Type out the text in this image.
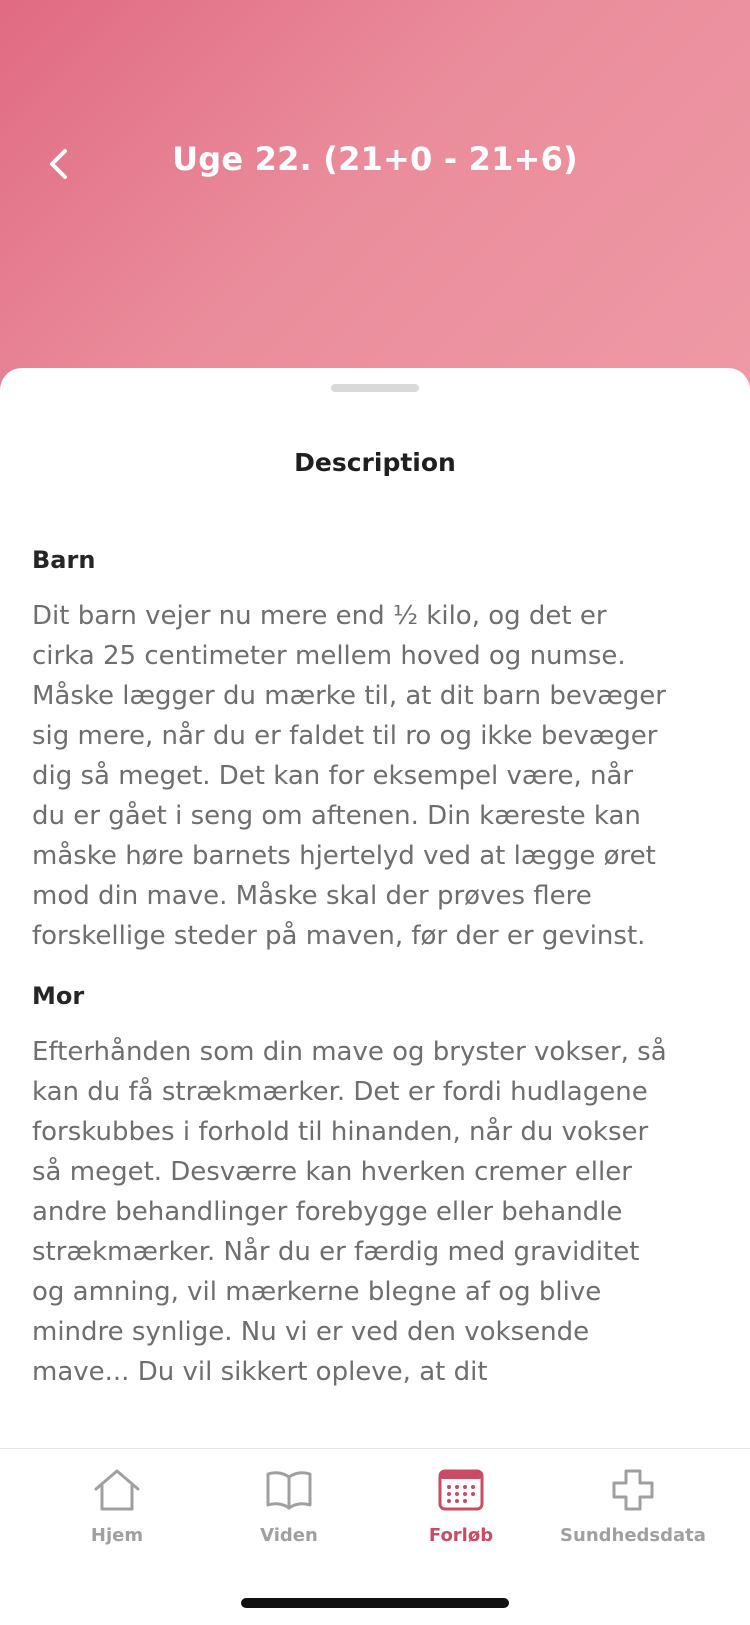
Uge 22. (21+0 - 21+6)
Description
Barn
Dit barn vejer nu mere end ½ kilo, og det er cirka 25 centimeter mellem hoved og numse. Måske lægger du mærke til, at dit barn bevæger sig mere, når du er faldet til ro og ikke bevæger dig så meget. Det kan for eksempel være, når du er gået i seng om aftenen. Din kæreste kan måske høre barnets hjertelyd ved at lægge øret mod din mave. Måske skal der prøves flere forskellige steder på maven, før der er gevinst.
Mor
Efterhånden som din mave og bryster vokser, så kan du få strækmærker. Det er fordi hudlagene forskubbes i forhold til hinanden, når du vokser så meget. Desværre kan hverken cremer eller andre behandlinger forebygge eller behandle strækmærker. Når du er færdig med graviditet og amning, vil mærkerne blegne af og blive mindre synlige. Nu vi er ved den voksende mave... Du vil sikkert opleve, at dit
Hjem	Viden	Forløb	Sundhedsdata
